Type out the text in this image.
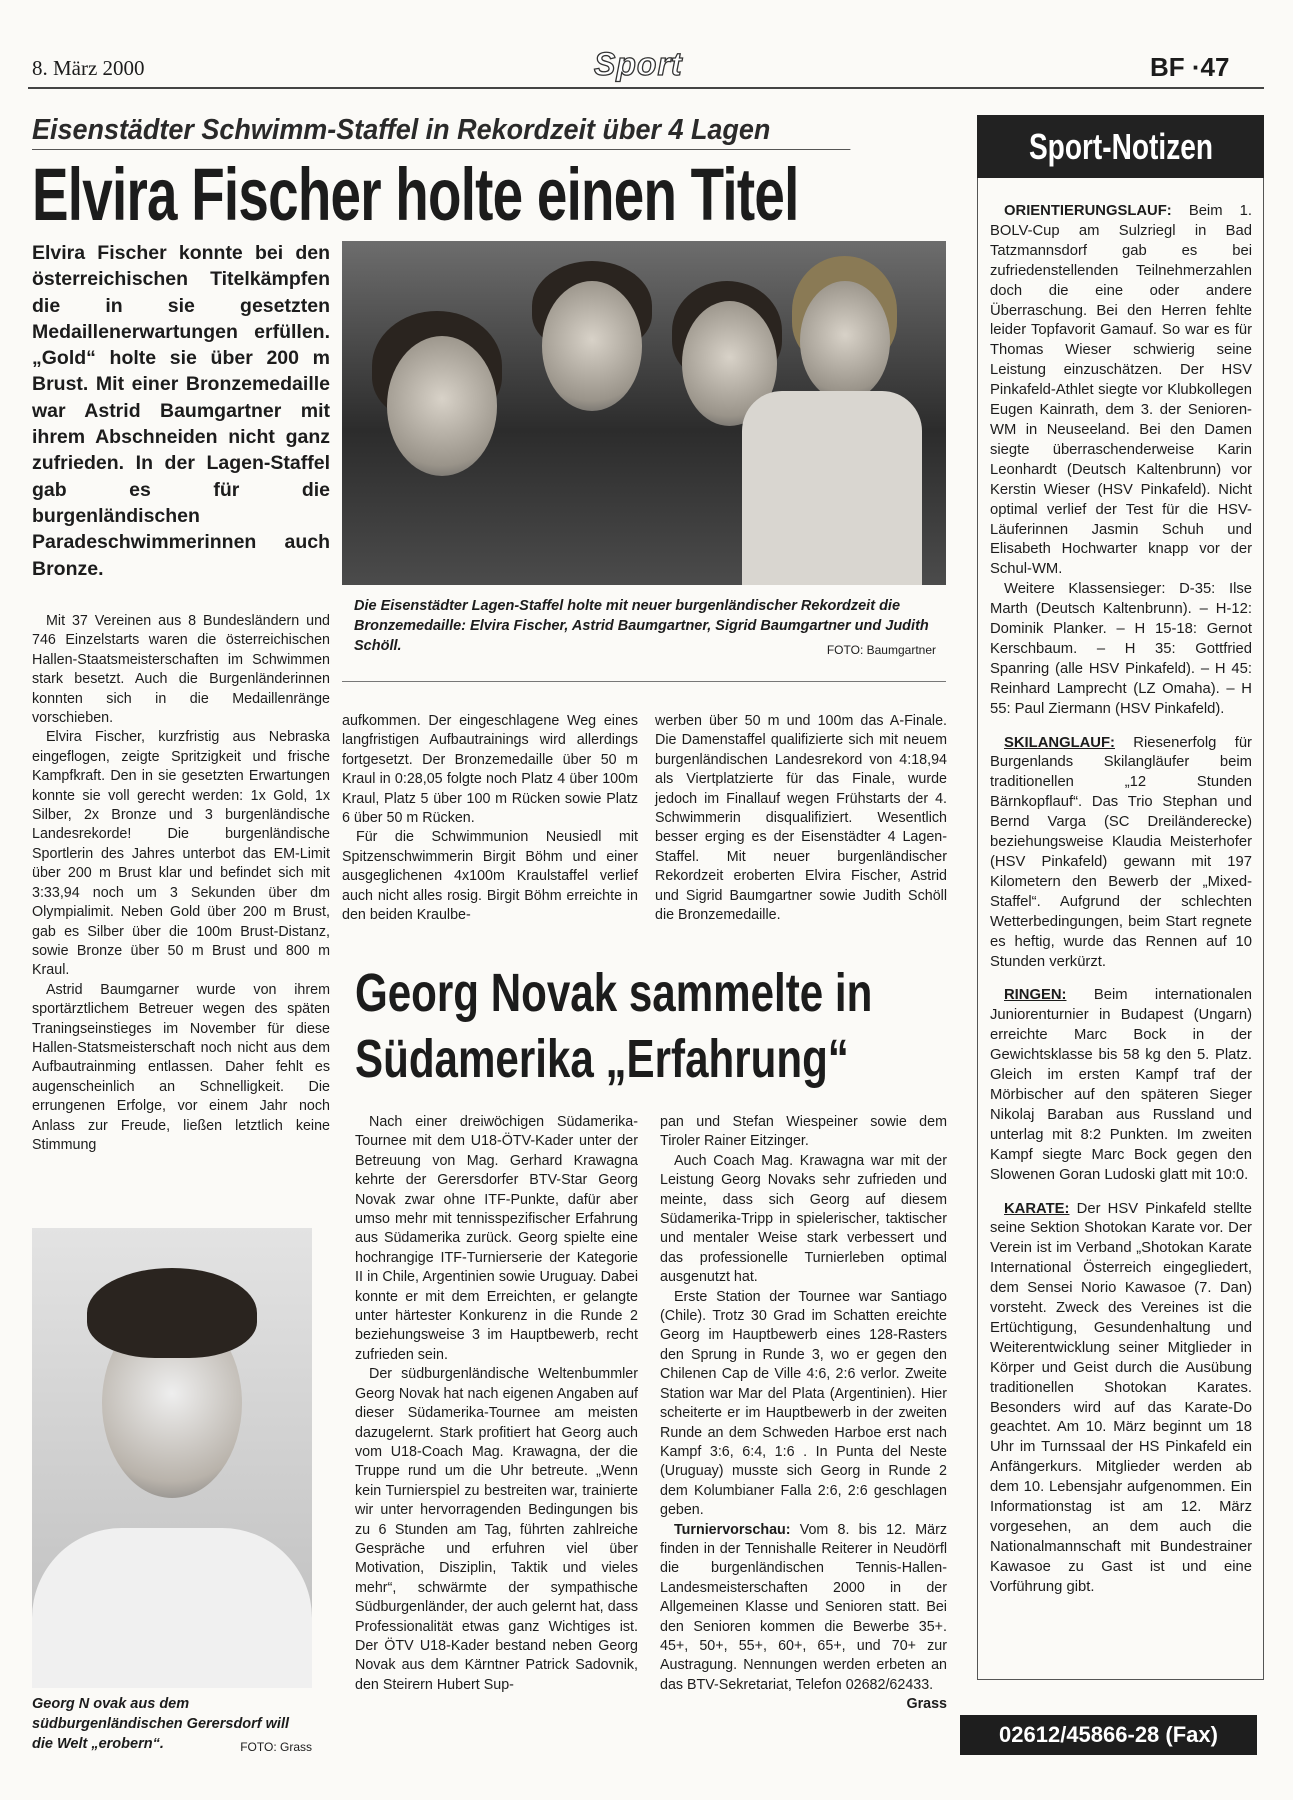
8. März 2000	Sport	BF ·47
Eisenstädter Schwimm-Staffel in Rekordzeit über 4 Lagen
Elvira Fischer holte einen Titel
Elvira Fischer konnte bei den österreichischen Titelkämpfen die in sie gesetzten Medaillenerwartungen erfüllen. „Gold“ holte sie über 200 m Brust. Mit einer Bronzemedaille war Astrid Baumgartner mit ihrem Abschneiden nicht ganz zufrieden. In der Lagen-Staffel gab es für die burgenländischen Paradeschwimmerinnen auch Bronze.

Mit 37 Vereinen aus 8 Bundesländern und 746 Einzelstarts waren die österreichischen Hallen-Staatsmeisterschaften im Schwimmen stark besetzt. Auch die Burgenländerinnen konnten sich in die Medaillenränge vorschieben.

Elvira Fischer, kurzfristig aus Nebraska eingeflogen, zeigte Spritzigkeit und frische Kampfkraft. Den in sie gesetzten Erwartungen konnte sie voll gerecht werden: 1x Gold, 1x Silber, 2x Bronze und 3 burgenländische Landesrekorde! Die burgenländische Sportlerin des Jahres unterbot das EM-Limit über 200 m Brust klar und befindet sich mit 3:33,94 noch um 3 Sekunden über dm Olympialimit. Neben Gold über 200 m Brust, gab es Silber über die 100m Brust-Distanz, sowie Bronze über 50 m Brust und 800 m Kraul.

Astrid Baumgarner wurde von ihrem sportärztlichem Betreuer wegen des späten Traningseinstieges im November für diese Hallen-Statsmeisterschaft noch nicht aus dem Aufbautrainming entlassen. Daher fehlt es augenscheinlich an Schnelligkeit. Die errungenen Erfolge, vor einem Jahr noch Anlass zur Freude, ließen letztlich keine Stimmung

Die Eisenstädter Lagen-Staffel holte mit neuer burgenländischer Rekordzeit die Bronzemedaille: Elvira Fischer, Astrid Baumgartner, Sigrid Baumgartner und Judith Schöll.	FOTO: Baumgartner

aufkommen. Der eingeschlagene Weg eines langfristigen Aufbautrainings wird allerdings fortgesetzt. Der Bronzemedaille über 50 m Kraul in 0:28,05 folgte noch Platz 4 über 100m Kraul, Platz 5 über 100 m Rücken sowie Platz 6 über 50 m Rücken.

Für die Schwimmunion Neusiedl mit Spitzenschwimmerin Birgit Böhm und einer ausgeglichenen 4x100m Kraulstaffel verlief auch nicht alles rosig. Birgit Böhm erreichte in den beiden Kraulbe-

werben über 50 m und 100m das A-Finale. Die Damenstaffel qualifizierte sich mit neuem burgenländischen Landesrekord von 4:18,94 als Viertplatzierte für das Finale, wurde jedoch im Finallauf wegen Frühstarts der 4. Schwimmerin disqualifiziert. Wesentlich besser erging es der Eisenstädter 4 Lagen-Staffel. Mit neuer burgenländischer Rekordzeit eroberten Elvira Fischer, Astrid und Sigrid Baumgartner sowie Judith Schöll die Bronzemedaille.

Georg Novak sammelte in
Südamerika „Erfahrung“

Nach einer dreiwöchigen Südamerika-Tournee mit dem U18-ÖTV-Kader unter der Betreuung von Mag. Gerhard Krawagna kehrte der Gerersdorfer BTV-Star Georg Novak zwar ohne ITF-Punkte, dafür aber umso mehr mit tennisspezifischer Erfahrung aus Südamerika zurück. Georg spielte eine hochrangige ITF-Turnierserie der Kategorie II in Chile, Argentinien sowie Uruguay. Dabei konnte er mit dem Erreichten, er gelangte unter härtester Konkurenz in die Runde 2 beziehungsweise 3 im Hauptbewerb, recht zufrieden sein.

Der südburgenländische Weltenbummler Georg Novak hat nach eigenen Angaben auf dieser Südamerika-Tournee am meisten dazugelernt. Stark profitiert hat Georg auch vom U18-Coach Mag. Krawagna, der die Truppe rund um die Uhr betreute. „Wenn kein Turnierspiel zu bestreiten war, trainierte wir unter hervorragenden Bedingungen bis zu 6 Stunden am Tag, führten zahlreiche Gespräche und erfuhren viel über Motivation, Disziplin, Taktik und vieles mehr“, schwärmte der sympathische Südburgenländer, der auch gelernt hat, dass Professionalität etwas ganz Wichtiges ist. Der ÖTV U18-Kader bestand neben Georg Novak aus dem Kärntner Patrick Sadovnik, den Steirern Hubert Sup-

pan und Stefan Wiespeiner sowie dem Tiroler Rainer Eitzinger.

Auch Coach Mag. Krawagna war mit der Leistung Georg Novaks sehr zufrieden und meinte, dass sich Georg auf diesem Südamerika-Tripp in spielerischer, taktischer und mentaler Weise stark verbessert und das professionelle Turnierleben optimal ausgenutzt hat.

Erste Station der Tournee war Santiago (Chile). Trotz 30 Grad im Schatten ereichte Georg im Hauptbewerb eines 128-Rasters den Sprung in Runde 3, wo er gegen den Chilenen Cap de Ville 4:6, 2:6 verlor. Zweite Station war Mar del Plata (Argentinien). Hier scheiterte er im Hauptbewerb in der zweiten Runde an dem Schweden Harboe erst nach Kampf 3:6, 6:4, 1:6 . In Punta del Neste (Uruguay) musste sich Georg in Runde 2 dem Kolumbianer Falla 2:6, 2:6 geschlagen geben.

Turniervorschau: Vom 8. bis 12. März finden in der Tennishalle Reiterer in Neudörfl die burgenländischen Tennis-Hallen-Landesmeisterschaften 2000 in der Allgemeinen Klasse und Senioren statt. Bei den Senioren kommen die Bewerbe 35+. 45+, 50+, 55+, 60+, 65+, und 70+ zur Austragung. Nennungen werden erbeten an das BTV-Sekretariat, Telefon 02682/62433.
Grass

Georg N ovak aus dem südburgenländischen Gerersdorf will die Welt „erobern“.	FOTO: Grass
Sport-Notizen

ORIENTIERUNGSLAUF: Beim 1. BOLV-Cup am Sulzriegl in Bad Tatzmannsdorf gab es bei zufriedenstellenden Teilnehmerzahlen doch die eine oder andere Überraschung. Bei den Herren fehlte leider Topfavorit Gamauf. So war es für Thomas Wieser schwierig seine Leistung einzuschätzen. Der HSV Pinkafeld-Athlet siegte vor Klubkollegen Eugen Kainrath, dem 3. der Senioren-WM in Neuseeland. Bei den Damen siegte überraschenderweise Karin Leonhardt (Deutsch Kaltenbrunn) vor Kerstin Wieser (HSV Pinkafeld). Nicht optimal verlief der Test für die HSV-Läuferinnen Jasmin Schuh und Elisabeth Hochwarter knapp vor der Schul-WM.

Weitere Klassensieger: D-35: Ilse Marth (Deutsch Kaltenbrunn). – H-12: Dominik Planker. – H 15-18: Gernot Kerschbaum. – H 35: Gottfried Spanring (alle HSV Pinkafeld). – H 45: Reinhard Lamprecht (LZ Omaha). – H 55: Paul Ziermann (HSV Pinkafeld).

SKILANGLAUF: Riesenerfolg für Burgenlands Skilangläufer beim traditionellen „12 Stunden Bärnkopflauf“. Das Trio Stephan und Bernd Varga (SC Dreiländerecke) beziehungsweise Klaudia Meisterhofer (HSV Pinkafeld) gewann mit 197 Kilometern den Bewerb der „Mixed-Staffel“. Aufgrund der schlechten Wetterbedingungen, beim Start regnete es heftig, wurde das Rennen auf 10 Stunden verkürzt.

RINGEN: Beim internationalen Juniorenturnier in Budapest (Ungarn) erreichte Marc Bock in der Gewichtsklasse bis 58 kg den 5. Platz. Gleich im ersten Kampf traf der Mörbischer auf den späteren Sieger Nikolaj Baraban aus Russland und unterlag mit 8:2 Punkten. Im zweiten Kampf siegte Marc Bock gegen den Slowenen Goran Ludoski glatt mit 10:0.

KARATE: Der HSV Pinkafeld stellte seine Sektion Shotokan Karate vor. Der Verein ist im Verband „Shotokan Karate International Österreich eingegliedert, dem Sensei Norio Kawasoe (7. Dan) vorsteht. Zweck des Vereines ist die Ertüchtigung, Gesundenhaltung und Weiterentwicklung seiner Mitglieder in Körper und Geist durch die Ausübung traditionellen Shotokan Karates. Besonders wird auf das Karate-Do geachtet. Am 10. März beginnt um 18 Uhr im Turnssaal der HS Pinkafeld ein Anfängerkurs. Mitglieder werden ab dem 10. Lebensjahr aufgenommen. Ein Informationstag ist am 12. März vorgesehen, an dem auch die Nationalmannschaft mit Bundestrainer Kawasoe zu Gast ist und eine Vorführung gibt.

02612/45866-28 (Fax)
